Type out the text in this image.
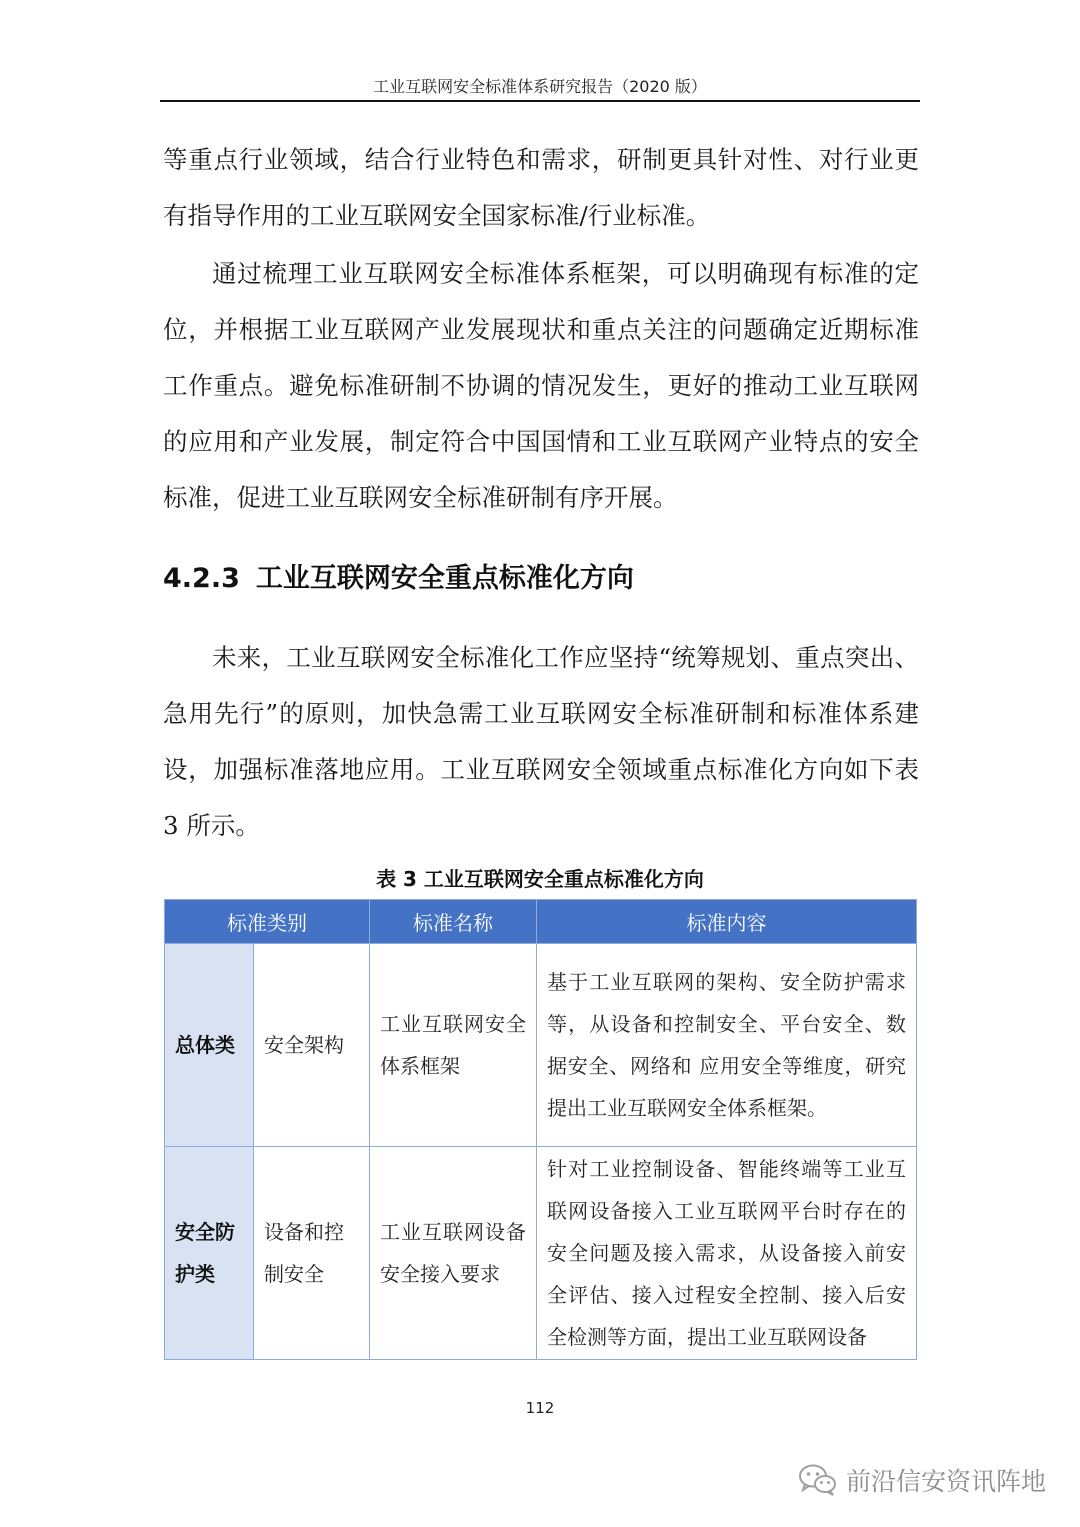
工业互联网安全标准体系研究报告（2020 版）

等重点行业领域，结合行业特色和需求，研制更具针对性、对行业更有指导作用的工业互联网安全国家标准/行业标准。

通过梳理工业互联网安全标准体系框架，可以明确现有标准的定位，并根据工业互联网产业发展现状和重点关注的问题确定近期标准工作重点。避免标准研制不协调的情况发生，更好的推动工业互联网的应用和产业发展，制定符合中国国情和工业互联网产业特点的安全标准，促进工业互联网安全标准研制有序开展。

4.2.3 工业互联网安全重点标准化方向

未来，工业互联网安全标准化工作应坚持“统筹规划、重点突出、急用先行”的原则，加快急需工业互联网安全标准研制和标准体系建设，加强标准落地应用。工业互联网安全领域重点标准化方向如下表 3 所示。

表 3 工业互联网安全重点标准化方向

标准类别		标准名称	标准内容
总体类	安全架构	工业互联网安全体系框架	基于工业互联网的架构、安全防护需求等，从设备和控制安全、平台安全、数据安全、网络和 应用安全等维度，研究提出工业互联网安全体系框架。
安全防护类	设备和控制安全	工业互联网设备安全接入要求	针对工业控制设备、智能终端等工业互联网设备接入工业互联网平台时存在的安全问题及接入需求，从设备接入前安全评估、接入过程安全控制、接入后安全检测等方面，提出工业互联网设备
112
前沿信安资讯阵地
